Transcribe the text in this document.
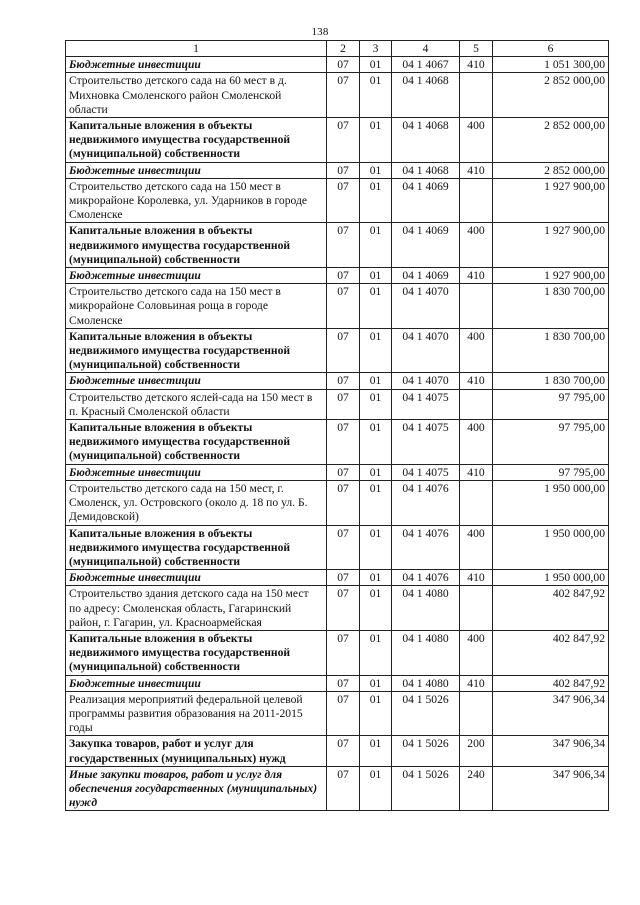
138
1	2	3	4	5	6
Бюджетные инвестиции	07	01	04 1 4067	410	1 051 300,00
Строительство детского сада на 60 мест в д. Михновка Смоленского район Смоленской области	07	01	04 1 4068		2 852 000,00
Капитальные вложения в объекты недвижимого имущества государственной (муниципальной) собственности	07	01	04 1 4068	400	2 852 000,00
Бюджетные инвестиции	07	01	04 1 4068	410	2 852 000,00
Строительство детского сада на 150 мест в микрорайоне Королевка, ул. Ударников в городе Смоленске	07	01	04 1 4069		1 927 900,00
Капитальные вложения в объекты недвижимого имущества государственной (муниципальной) собственности	07	01	04 1 4069	400	1 927 900,00
Бюджетные инвестиции	07	01	04 1 4069	410	1 927 900,00
Строительство детского сада на 150 мест в микрорайоне Соловьиная роща в городе Смоленске	07	01	04 1 4070		1 830 700,00
Капитальные вложения в объекты недвижимого имущества государственной (муниципальной) собственности	07	01	04 1 4070	400	1 830 700,00
Бюджетные инвестиции	07	01	04 1 4070	410	1 830 700,00
Строительство детского яслей-сада на 150 мест в п. Красный Смоленской области	07	01	04 1 4075		97 795,00
Капитальные вложения в объекты недвижимого имущества государственной (муниципальной) собственности	07	01	04 1 4075	400	97 795,00
Бюджетные инвестиции	07	01	04 1 4075	410	97 795,00
Строительство детского сада на 150 мест, г. Смоленск, ул. Островского (около д. 18 по ул. Б. Демидовской)	07	01	04 1 4076		1 950 000,00
Капитальные вложения в объекты недвижимого имущества государственной (муниципальной) собственности	07	01	04 1 4076	400	1 950 000,00
Бюджетные инвестиции	07	01	04 1 4076	410	1 950 000,00
Строительство здания детского сада на 150 мест по адресу: Смоленская область, Гагаринский район, г. Гагарин, ул. Красноармейская	07	01	04 1 4080		402 847,92
Капитальные вложения в объекты недвижимого имущества государственной (муниципальной) собственности	07	01	04 1 4080	400	402 847,92
Бюджетные инвестиции	07	01	04 1 4080	410	402 847,92
Реализация мероприятий федеральной целевой программы развития образования на 2011-2015 годы	07	01	04 1 5026		347 906,34
Закупка товаров, работ и услуг для государственных (муниципальных) нужд	07	01	04 1 5026	200	347 906,34
Иные закупки товаров, работ и услуг для обеспечения государственных (муниципальных) нужд	07	01	04 1 5026	240	347 906,34
